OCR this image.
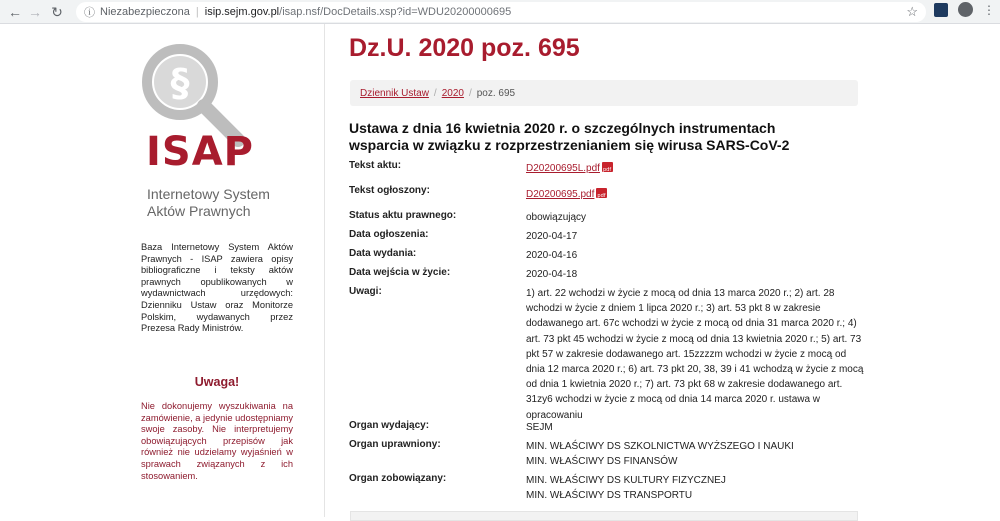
← → ↻	ⓘ Niezabezpieczona | isip.sejm.gov.pl /isap.nsf/DocDetails.xsp?id=WDU20200000695	☆	⋮
§
ISAP
Internetowy System
Aktów Prawnych
Baza Internetowy System Aktów Prawnych - ISAP zawiera opisy bibliograficzne i teksty aktów prawnych opublikowanych w wydawnictwach urzędowych: Dzienniku Ustaw oraz Monitorze Polskim, wydawanych przez Prezesa Rady Ministrów.
Uwaga!
Nie dokonujemy wyszukiwania na zamówienie, a jedynie udostępniamy swoje zasoby. Nie interpretujemy obowiązujących przepisów jak również nie udzielamy wyjaśnień w sprawach związanych z ich stosowaniem.
Dz.U. 2020 poz. 695
Dziennik Ustaw / 2020 / poz. 695
Ustawa z dnia 16 kwietnia 2020 r. o szczególnych instrumentach wsparcia w związku z rozprzestrzenianiem się wirusa SARS-CoV-2
Tekst aktu:	D20200695L.pdfpdf
Tekst ogłoszony:	D20200695.pdfpdf
Status aktu prawnego:	obowiązujący
Data ogłoszenia:	2020-04-17
Data wydania:	2020-04-16
Data wejścia w życie:	2020-04-18
Uwagi:	1) art. 22 wchodzi w życie z mocą od dnia 13 marca 2020 r.; 2) art. 28 wchodzi w życie z dniem 1 lipca 2020 r.; 3) art. 53 pkt 8 w zakresie dodawanego art. 67c wchodzi w życie z mocą od dnia 31 marca 2020 r.; 4) art. 73 pkt 45 wchodzi w życie z mocą od dnia 13 kwietnia 2020 r.; 5) art. 73 pkt 57 w zakresie dodawanego art. 15zzzzm wchodzi w życie z mocą od dnia 12 marca 2020 r.; 6) art. 73 pkt 20, 38, 39 i 41 wchodzą w życie z mocą od dnia 1 kwietnia 2020 r.; 7) art. 73 pkt 68 w zakresie dodawanego art. 31zy6 wchodzi w życie z mocą od dnia 14 marca 2020 r. ustawa w opracowaniu
Organ wydający:	SEJM
Organ uprawniony:	MIN. WŁAŚCIWY DS SZKOLNICTWA WYŻSZEGO I NAUKI
MIN. WŁAŚCIWY DS FINANSÓW
Organ zobowiązany:	MIN. WŁAŚCIWY DS KULTURY FIZYCZNEJ
MIN. WŁAŚCIWY DS TRANSPORTU
